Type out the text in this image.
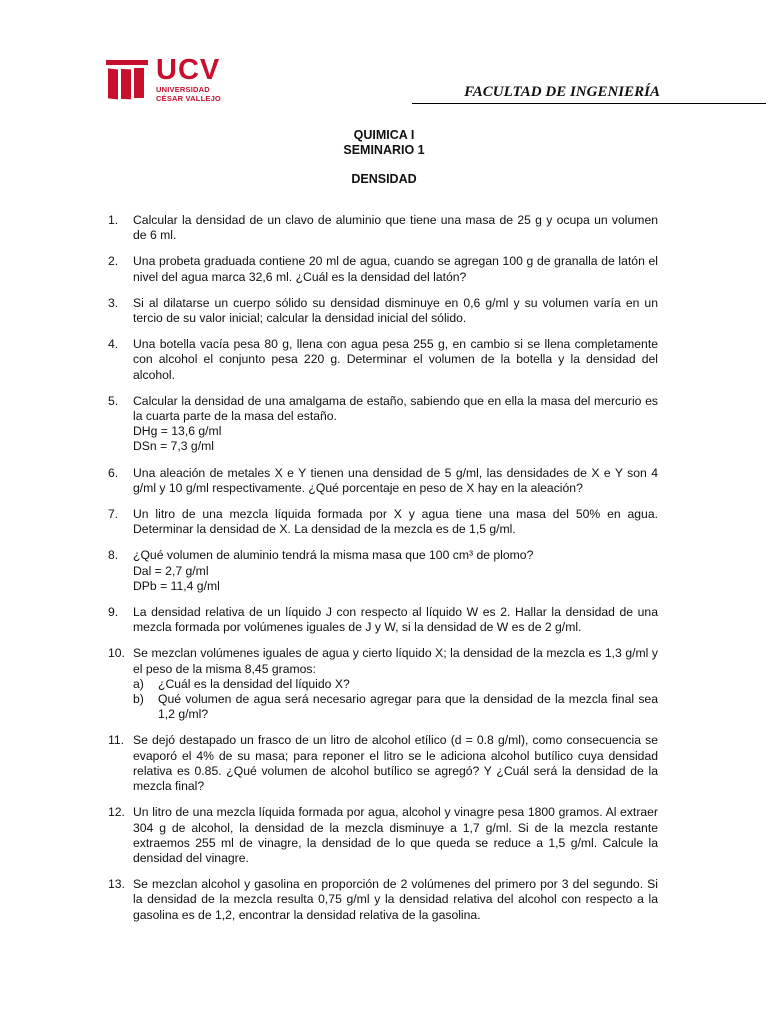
UCV
UNIVERSIDAD
CÉSAR VALLEJO	FACULTAD DE INGENIERÍA
QUIMICA I
SEMINARIO 1
DENSIDAD
1. Calcular la densidad de un clavo de aluminio que tiene una masa de 25 g y ocupa un volumen de 6 ml.
2. Una probeta graduada contiene 20 ml de agua, cuando se agregan 100 g de granalla de latón el nivel del agua marca 32,6 ml. ¿Cuál es la densidad del latón?
3. Si al dilatarse un cuerpo sólido su densidad disminuye en 0,6 g/ml y su volumen varía en un tercio de su valor inicial; calcular la densidad inicial del sólido.
4. Una botella vacía pesa 80 g, llena con agua pesa 255 g, en cambio si se llena completamente con alcohol el conjunto pesa 220 g. Determinar el volumen de la botella y la densidad del alcohol.
5. Calcular la densidad de una amalgama de estaño, sabiendo que en ella la masa del mercurio es la cuarta parte de la masa del estaño.
DHg = 13,6 g/ml
DSn = 7,3 g/ml
6. Una aleación de metales X e Y tienen una densidad de 5 g/ml, las densidades de X e Y son 4 g/ml y 10 g/ml respectivamente. ¿Qué porcentaje en peso de X hay en la aleación?
7. Un litro de una mezcla líquida formada por X y agua tiene una masa del 50% en agua. Determinar la densidad de X. La densidad de la mezcla es de 1,5 g/ml.
8. ¿Qué volumen de aluminio tendrá la misma masa que 100 cm³ de plomo?
Dal = 2,7 g/ml
DPb = 11,4 g/ml
9. La densidad relativa de un líquido J con respecto al líquido W es 2. Hallar la densidad de una mezcla formada por volúmenes iguales de J y W, si la densidad de W es de 2 g/ml.
10. Se mezclan volúmenes iguales de agua y cierto líquido X; la densidad de la mezcla es 1,3 g/ml y el peso de la misma 8,45 gramos:
a) ¿Cuál es la densidad del líquido X?
b) Qué volumen de agua será necesario agregar para que la densidad de la mezcla final sea 1,2 g/ml?
11. Se dejó destapado un frasco de un litro de alcohol etílico (d = 0.8 g/ml), como consecuencia se evaporó el 4% de su masa; para reponer el litro se le adiciona alcohol butílico cuya densidad relativa es 0.85. ¿Qué volumen de alcohol butílico se agregó? Y ¿Cuál será la densidad de la mezcla final?
12. Un litro de una mezcla líquida formada por agua, alcohol y vinagre pesa 1800 gramos. Al extraer 304 g de alcohol, la densidad de la mezcla disminuye a 1,7 g/ml. Si de la mezcla restante extraemos 255 ml de vinagre, la densidad de lo que queda se reduce a 1,5 g/ml. Calcule la densidad del vinagre.
13. Se mezclan alcohol y gasolina en proporción de 2 volúmenes del primero por 3 del segundo. Si la densidad de la mezcla resulta 0,75 g/ml y la densidad relativa del alcohol con respecto a la gasolina es de 1,2, encontrar la densidad relativa de la gasolina.
